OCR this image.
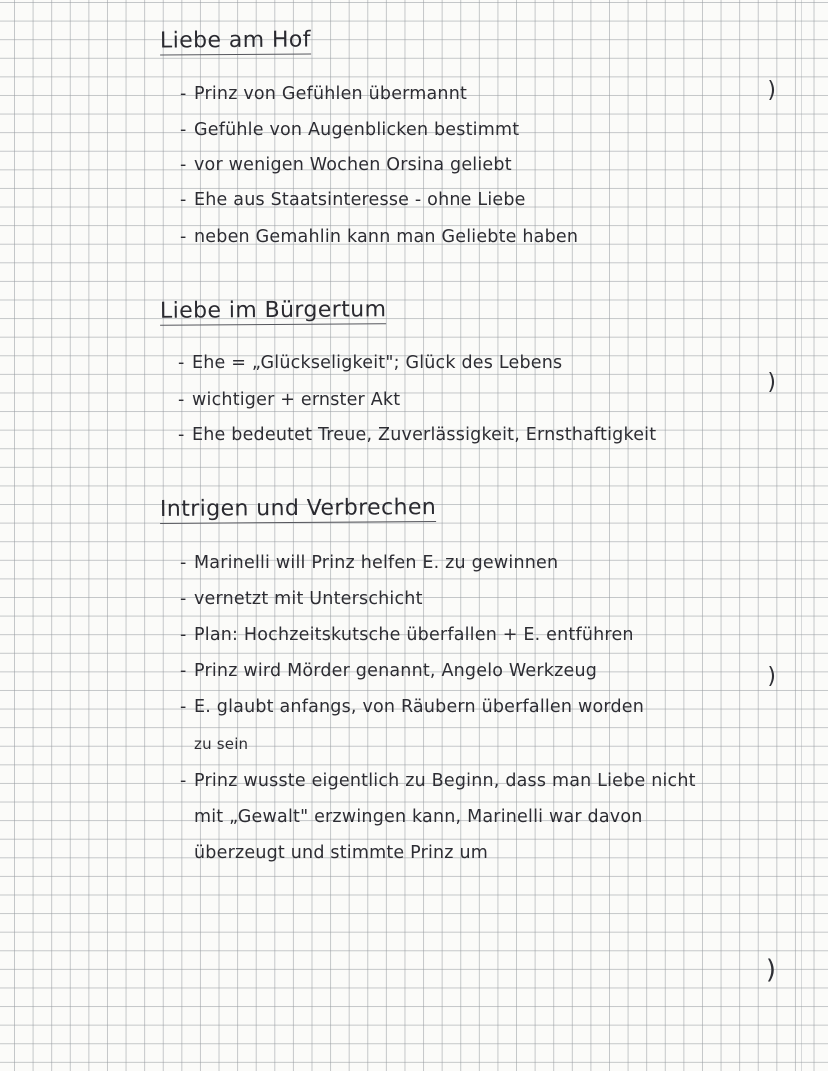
Liebe am Hof
- Prinz von Gefühlen übermannt
- Gefühle von Augenblicken bestimmt
- vor wenigen Wochen Orsina geliebt
- Ehe aus Staatsinteresse - ohne Liebe
- neben Gemahlin kann man Geliebte haben
Liebe im Bürgertum
- Ehe = „Glückseligkeit"; Glück des Lebens
- wichtiger + ernster Akt
- Ehe bedeutet Treue, Zuverlässigkeit, Ernsthaftigkeit
Intrigen und Verbrechen
- Marinelli will Prinz helfen E. zu gewinnen
- vernetzt mit Unterschicht
- Plan: Hochzeitskutsche überfallen + E. entführen
- Prinz wird Mörder genannt, Angelo Werkzeug
- E. glaubt anfangs, von Räubern überfallen worden
zu sein
- Prinz wusste eigentlich zu Beginn, dass man Liebe nicht
mit „Gewalt" erzwingen kann, Marinelli war davon
überzeugt und stimmte Prinz um
)
)
)
)
